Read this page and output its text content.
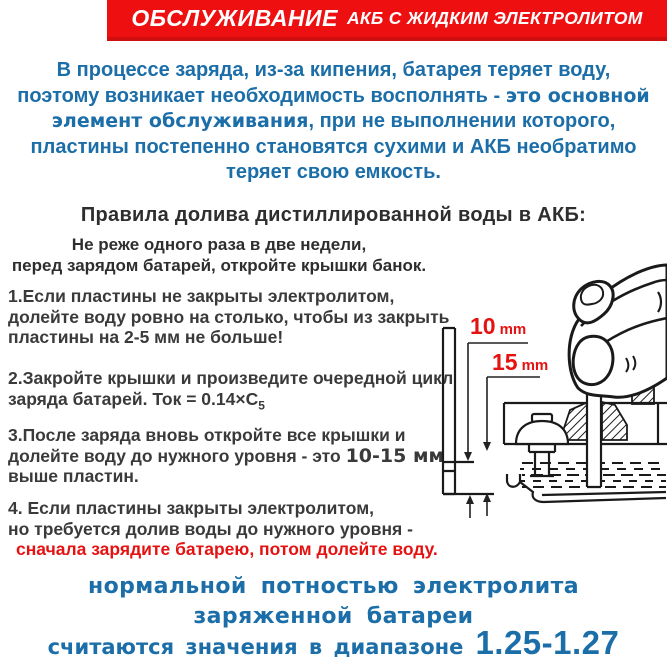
ОБСЛУЖИВАНИЕ АКБ С ЖИДКИМ ЭЛЕКТРОЛИТОМ
В процессе заряда, из-за кипения, батарея теряет воду,
поэтому возникает необходимость восполнять - это основной
элемент обслуживания, при не выполнении которого,
пластины постепенно становятся сухими и АКБ необратимо
теряет свою емкость.
Правила долива дистиллированной воды в АКБ:
Не реже одного раза в две недели,
перед зарядом батарей, откройте крышки банок.
1.Если пластины не закрыты электролитом,
долейте воду ровно на столько, чтобы из закрыть
пластины на 2-5 мм не больше!
2.Закройте крышки и произведите очередной цикл
заряда батарей. Ток = $0.14\times C_5$
3.После заряда вновь откройте все крышки и
долейте воду до нужного уровня - это 10-15 мм
выше пластин.
4. Если пластины закрыты электролитом,
но требуется долив воды до нужного уровня -
сначала зарядите батарею, потом долейте воду.
10 mm
15 mm
нормальной потностью электролита
заряженной батареи
считаются значения в диапазоне 1.25-1.27
